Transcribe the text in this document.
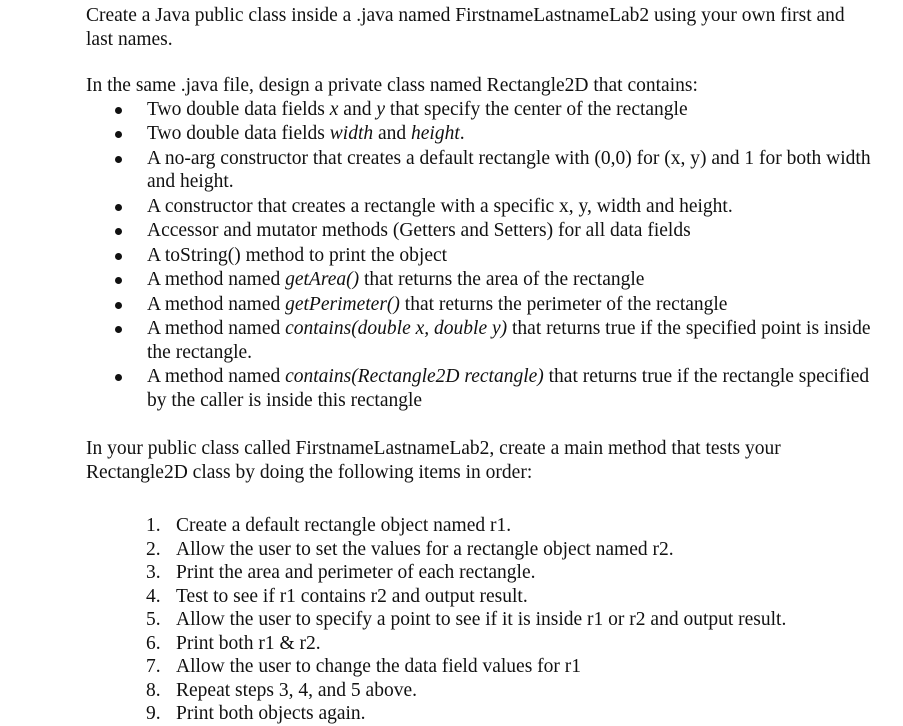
Create a Java public class inside a .java named FirstnameLastnameLab2 using your own first and last names.

In the same .java file, design a private class named Rectangle2D that contains:

Two double data fields x and y that specify the center of the rectangle
Two double data fields width and height.
A no-arg constructor that creates a default rectangle with (0,0) for (x, y) and 1 for both width and height.
A constructor that creates a rectangle with a specific x, y, width and height.
Accessor and mutator methods (Getters and Setters) for all data fields
A toString() method to print the object
A method named getArea() that returns the area of the rectangle
A method named getPerimeter() that returns the perimeter of the rectangle
A method named contains(double x, double y) that returns true if the specified point is inside the rectangle.
A method named contains(Rectangle2D rectangle) that returns true if the rectangle specified by the caller is inside this rectangle

In your public class called FirstnameLastnameLab2, create a main method that tests your Rectangle2D class by doing the following items in order:

1. Create a default rectangle object named r1.
2. Allow the user to set the values for a rectangle object named r2.
3. Print the area and perimeter of each rectangle.
4. Test to see if r1 contains r2 and output result.
5. Allow the user to specify a point to see if it is inside r1 or r2 and output result.
6. Print both r1 & r2.
7. Allow the user to change the data field values for r1
8. Repeat steps 3, 4, and 5 above.
9. Print both objects again.
